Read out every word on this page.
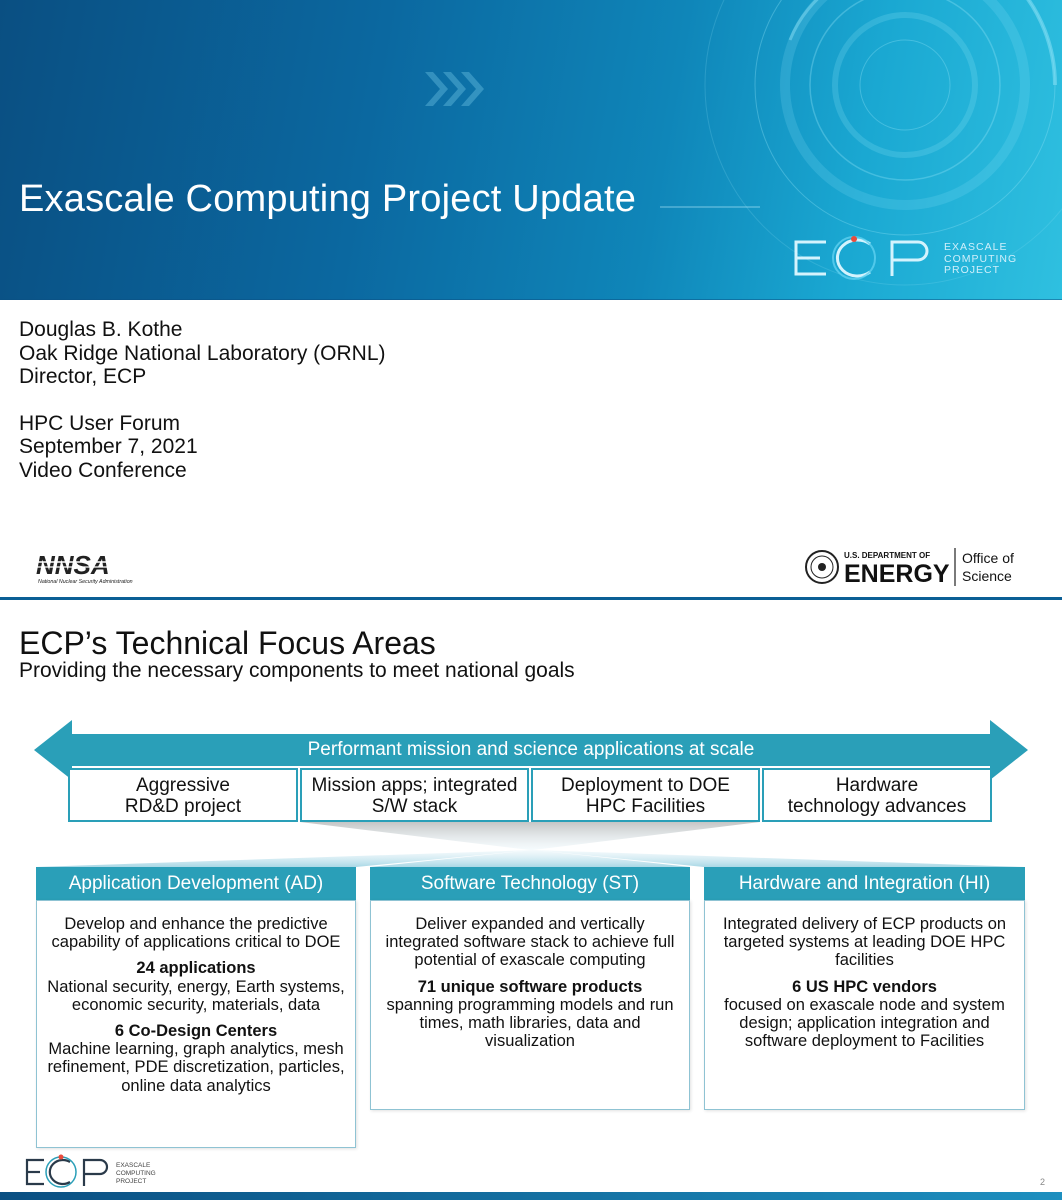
Exascale Computing Project Update
EXASCALE
COMPUTING
PROJECT
Douglas B. Kothe
Oak Ridge National Laboratory (ORNL)
Director, ECP
HPC User Forum
September 7, 2021
Video Conference
NNSA
National Nuclear Security Administration
U.S. DEPARTMENT OF
ENERGY
Office of
Science
ECP’s Technical Focus Areas
Providing the necessary components to meet national goals
Performant mission and science applications at scale
Aggressive
RD&D project
Mission apps; integrated
S/W stack
Deployment to DOE
HPC Facilities
Hardware
technology advances
Application Development (AD)
Develop and enhance the predictive capability of applications critical to DOE
24 applications
National security, energy, Earth systems, economic security, materials, data
6 Co-Design Centers
Machine learning, graph analytics, mesh refinement, PDE discretization, particles, online data analytics
Software Technology (ST)
Deliver expanded and vertically integrated software stack to achieve full potential of exascale computing
71 unique software products
spanning programming models and run times, math libraries, data and visualization
Hardware and Integration (HI)
Integrated delivery of ECP products on targeted systems at leading DOE HPC facilities
6 US HPC vendors
focused on exascale node and system design; application integration and software deployment to Facilities
EXASCALE
COMPUTING
PROJECT	2
